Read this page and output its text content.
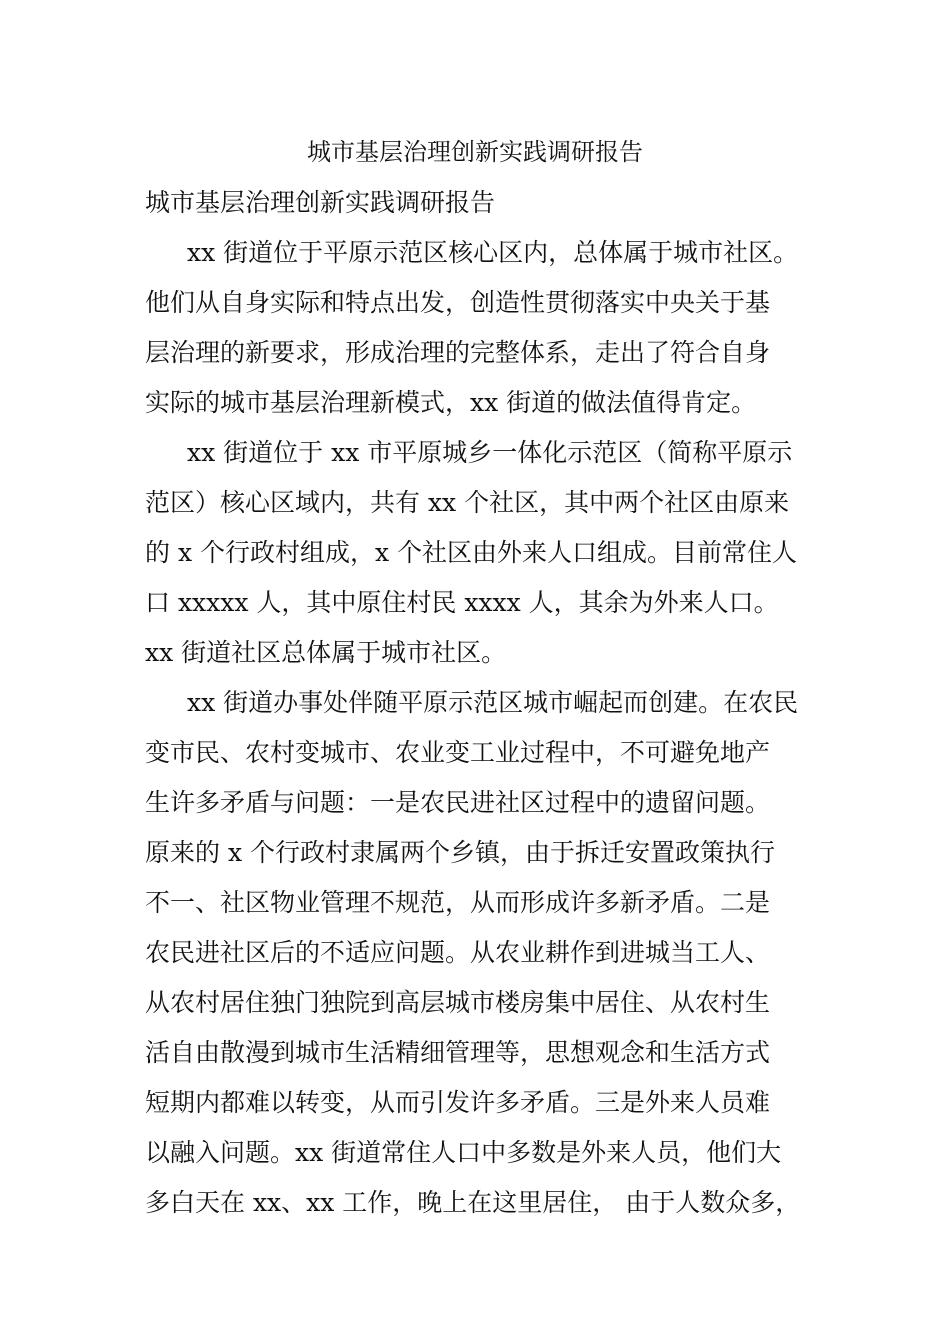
城市基层治理创新实践调研报告
城市基层治理创新实践调研报告
xx 街道位于平原示范区核心区内，总体属于城市社区。
他们从自身实际和特点出发，创造性贯彻落实中央关于基
层治理的新要求，形成治理的完整体系，走出了符合自身
实际的城市基层治理新模式，xx 街道的做法值得肯定。
xx 街道位于 xx 市平原城乡一体化示范区（简称平原示
范区）核心区域内，共有 xx 个社区，其中两个社区由原来
的 x 个行政村组成，x 个社区由外来人口组成。目前常住人
口 xxxxx 人，其中原住村民 xxxx 人，其余为外来人口。
xx 街道社区总体属于城市社区。
xx 街道办事处伴随平原示范区城市崛起而创建。在农民
变市民、农村变城市、农业变工业过程中，不可避免地产
生许多矛盾与问题：一是农民进社区过程中的遗留问题。
原来的 x 个行政村隶属两个乡镇，由于拆迁安置政策执行
不一、社区物业管理不规范，从而形成许多新矛盾。二是
农民进社区后的不适应问题。从农业耕作到进城当工人、
从农村居住独门独院到高层城市楼房集中居住、从农村生
活自由散漫到城市生活精细管理等，思想观念和生活方式
短期内都难以转变，从而引发许多矛盾。三是外来人员难
以融入问题。xx 街道常住人口中多数是外来人员，他们大
多白天在 xx、xx 工作，晚上在这里居住， 由于人数众多，
